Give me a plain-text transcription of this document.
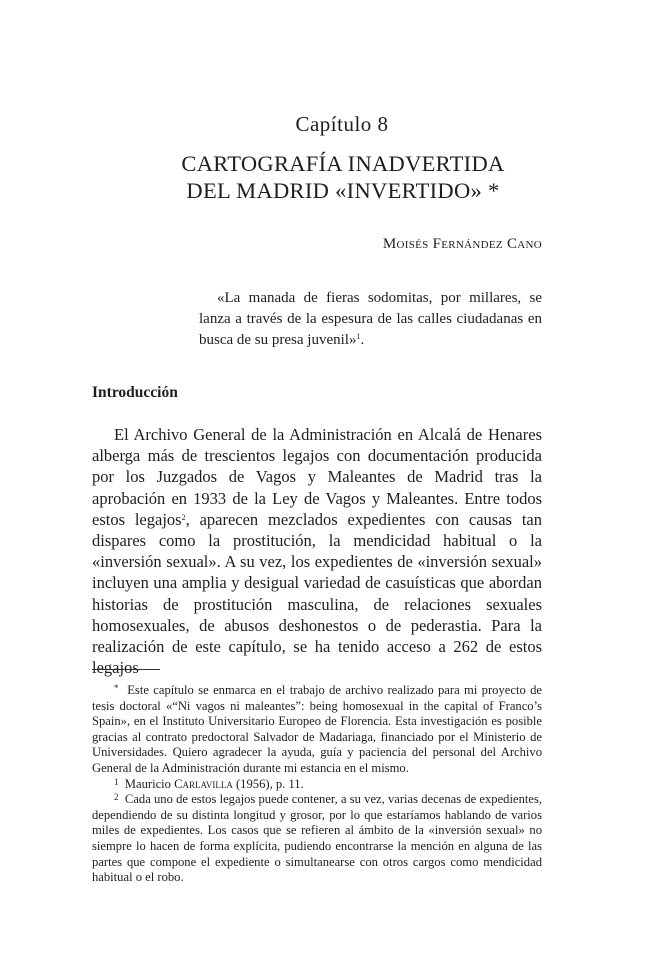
Capítulo 8
CARTOGRAFÍA INADVERTIDA
DEL MADRID «INVERTIDO» *
Moisés Fernández Cano
«La manada de fieras sodomitas, por millares, se lanza a través de la espesura de las calles ciudadanas en busca de su presa juvenil»$^1$.
Introducción
El Archivo General de la Administración en Alcalá de Henares alberga más de trescientos legajos con documentación producida por los Juzgados de Vagos y Maleantes de Madrid tras la aprobación en 1933 de la Ley de Vagos y Maleantes. Entre todos estos legajos$^2$, aparecen mezclados expedientes con causas tan dispares como la prostitución, la mendicidad habitual o la «inversión sexual». A su vez, los expedientes de «inversión sexual» incluyen una amplia y desigual variedad de casuísticas que abordan historias de prostitución masculina, de relaciones sexuales homosexuales, de abusos deshonestos o de pederastia. Para la realización de este capítulo, se ha tenido acceso a 262 de estos legajos

* Este capítulo se enmarca en el trabajo de archivo realizado para mi proyecto de tesis doctoral «“Ni vagos ni maleantes”: being homosexual in the capital of Franco’s Spain», en el Instituto Universitario Europeo de Florencia. Esta investigación es posible gracias al contrato predoctoral Salvador de Madariaga, financiado por el Ministerio de Universidades. Quiero agradecer la ayuda, guía y paciencia del personal del Archivo General de la Administración durante mi estancia en el mismo.

$^1$ Mauricio Carlavilla (1956), p. 11.

$^2$ Cada uno de estos legajos puede contener, a su vez, varias decenas de expedientes, dependiendo de su distinta longitud y grosor, por lo que estaríamos hablando de varios miles de expedientes. Los casos que se refieren al ámbito de la «inversión sexual» no siempre lo hacen de forma explícita, pudiendo encontrarse la mención en alguna de las partes que compone el expediente o simultanearse con otros cargos como mendicidad habitual o el robo.
